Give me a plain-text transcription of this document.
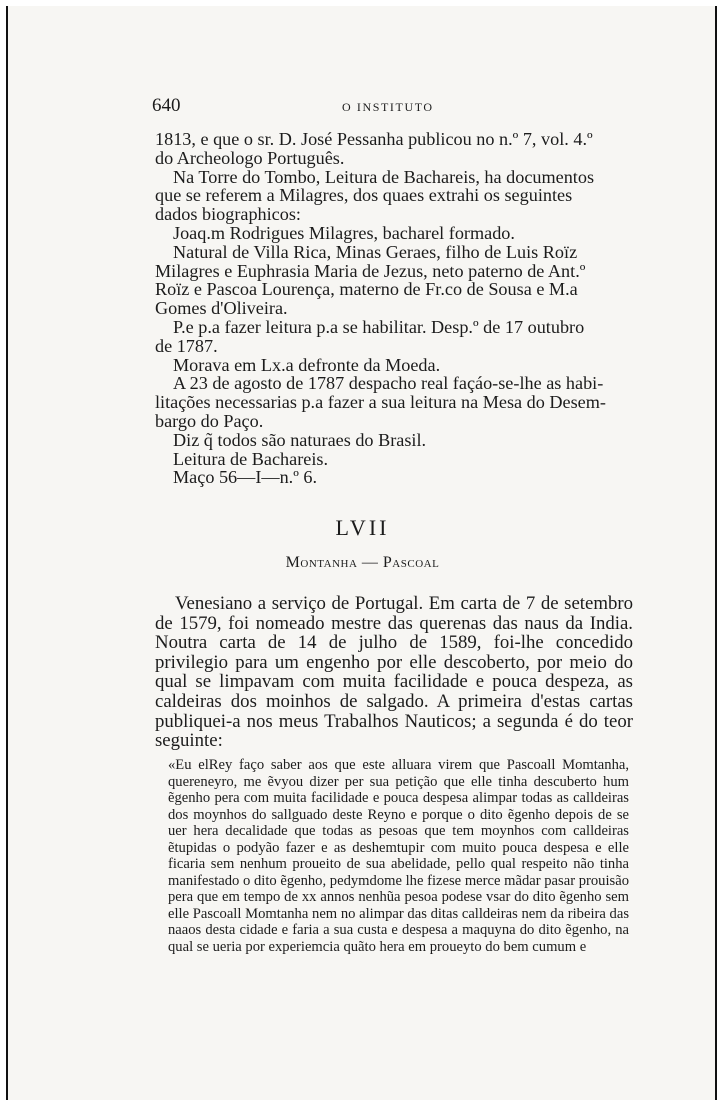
640	O INSTITUTO

1813, e que o sr. D. José Pessanha publicou no n.º 7, vol. 4.º

do Archeologo Português.

Na Torre do Tombo, Leitura de Bachareis, ha documentos

que se referem a Milagres, dos quaes extrahi os seguintes

dados biographicos:

Joaq.m Rodrigues Milagres, bacharel formado.

Natural de Villa Rica, Minas Geraes, filho de Luis Roïz

Milagres e Euphrasia Maria de Jezus, neto paterno de Ant.º

Roïz e Pascoa Lourença, materno de Fr.co de Sousa e M.a

Gomes d'Oliveira.

P.e p.a fazer leitura p.a se habilitar. Desp.º de 17 outubro

de 1787.

Morava em Lx.a defronte da Moeda.

A 23 de agosto de 1787 despacho real façáo-se-lhe as habi-

litações necessarias p.a fazer a sua leitura na Mesa do Desem-

bargo do Paço.

Diz q̃ todos são naturaes do Brasil.

Leitura de Bachareis.

Maço 56—I—n.º 6.

LVII
Montanha — Pascoal

Venesiano a serviço de Portugal. Em carta de 7 de setembro de 1579, foi nomeado mestre das querenas das naus da India. Noutra carta de 14 de julho de 1589, foi-lhe concedido privilegio para um engenho por elle descoberto, por meio do qual se limpavam com muita facilidade e pouca despeza, as caldeiras dos moinhos de salgado. A primeira d'estas cartas publiquei-a nos meus Trabalhos Nauticos; a segunda é do teor seguinte:

«Eu elRey faço saber aos que este alluara virem que Pascoall Momtanha, quereneyro, me ẽvyou dizer per sua petição que elle tinha descuberto hum ẽgenho pera com muita facilidade e pouca despesa alimpar todas as calldeiras dos moynhos do sallguado deste Reyno e porque o dito ẽgenho depois de se uer hera decalidade que todas as pesoas que tem moynhos com calldeiras ẽtupidas o podyão fazer e as deshemtupir com muito pouca despesa e elle ficaria sem nenhum proueito de sua abelidade, pello qual respeito não tinha manifestado o dito ẽgenho, pedymdome lhe fizese merce mãdar pasar prouisão pera que em tempo de xx annos nenhũa pesoa podese vsar do dito ẽgenho sem elle Pascoall Momtanha nem no alimpar das ditas calldeiras nem da ribeira das naaos desta cidade e faria a sua custa e despesa a maquyna do dito ẽgenho, na qual se ueria por experiemcia quãto hera em proueyto do bem cumum e
